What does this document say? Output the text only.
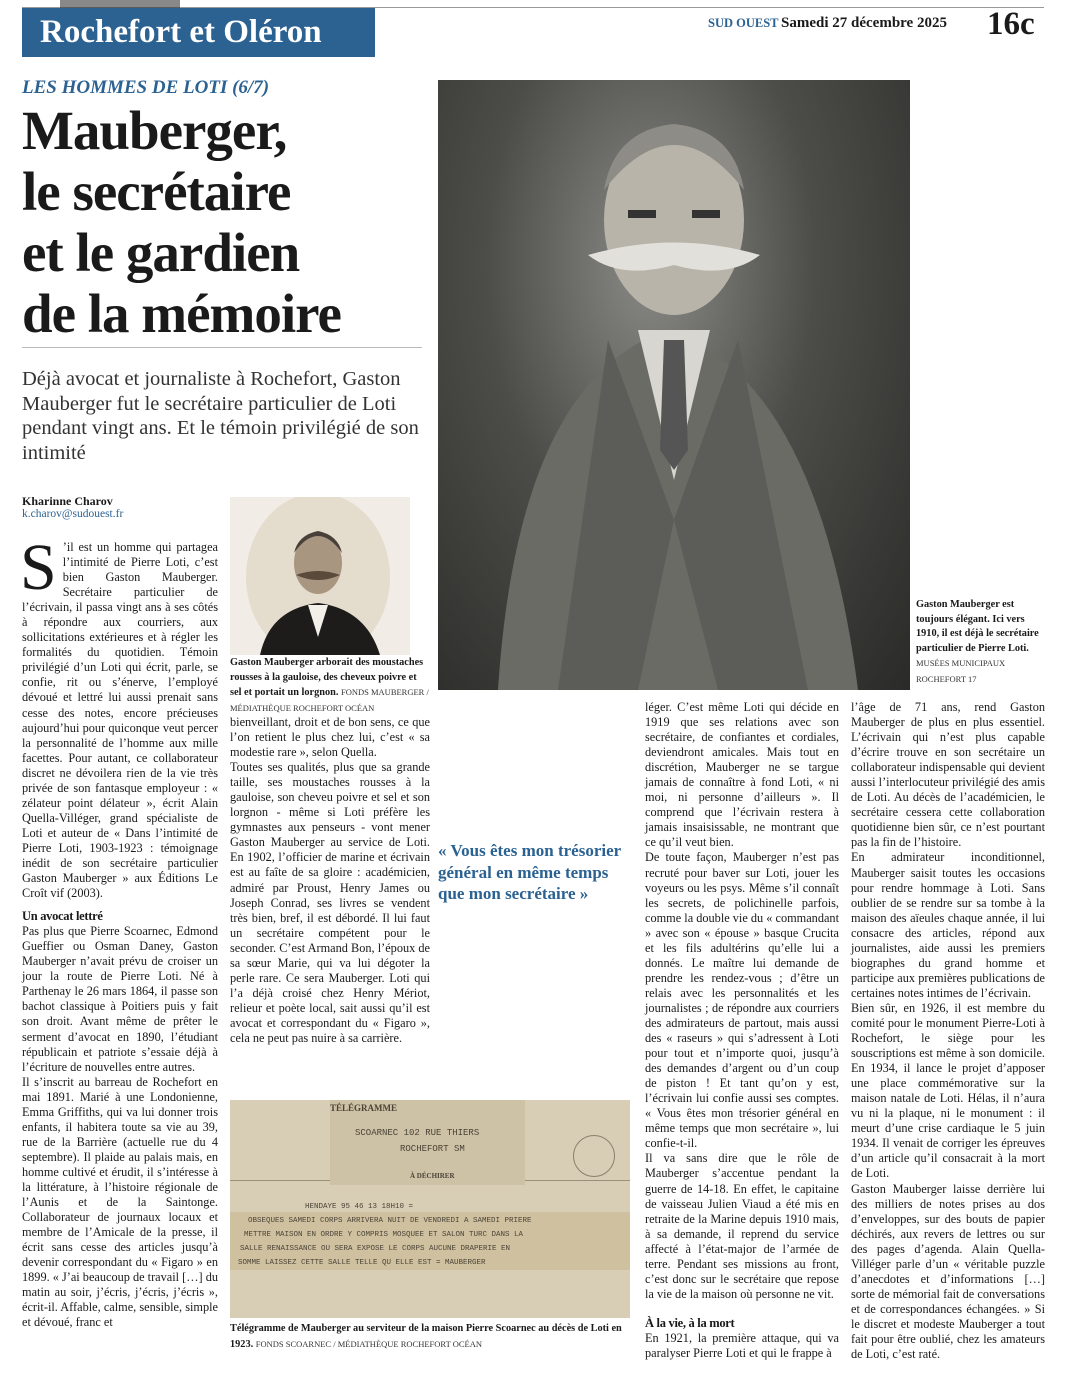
Rochefort et Oléron	SUD OUEST Samedi 27 décembre 2025 16c
LES HOMMES DE LOTI (6/7)
Mauberger,
le secrétaire
et le gardien
de la mémoire
Déjà avocat et journaliste à Rochefort, Gaston Mauberger fut le secrétaire particulier de Loti pendant vingt ans. Et le témoin privilégié de son intimité
Kharinne Charov
k.charov@sudouest.fr

S ’il est un homme qui partagea l’intimité de Pierre Loti, c’est bien Gaston Mauberger. Secrétaire particulier de l’écrivain, il passa vingt ans à ses côtés à répondre aux courriers, aux sollicitations extérieures et à régler les formalités du quotidien. Témoin privilégié d’un Loti qui écrit, parle, se confie, rit ou s’énerve, l’employé dévoué et lettré lui aussi prenait sans cesse des notes, encore précieuses aujourd’hui pour quiconque veut percer la personnalité de l’homme aux mille facettes. Pour autant, ce collaborateur discret ne dévoilera rien de la vie très privée de son fantasque employeur : « zélateur point délateur », écrit Alain Quella-Villéger, grand spécialiste de Loti et auteur de « Dans l’intimité de Pierre Loti, 1903-1923 : témoignage inédit de son secrétaire particulier Gaston Mauberger » aux Éditions Le Croît vif (2003).

Un avocat lettré

Pas plus que Pierre Scoarnec, Edmond Gueffier ou Osman Daney, Gaston Mauberger n’avait prévu de croiser un jour la route de Pierre Loti. Né à Parthenay le 26 mars 1864, il passe son bachot classique à Poitiers puis y fait son droit. Avant même de prêter le serment d’avocat en 1890, l’étudiant républicain et patriote s’essaie déjà à l’écriture de nouvelles entre autres.

Il s’inscrit au barreau de Rochefort en mai 1891. Marié à une Londonienne, Emma Griffiths, qui va lui donner trois enfants, il habitera toute sa vie au 39, rue de la Barrière (actuelle rue du 4 septembre). Il plaide au palais mais, en homme cultivé et érudit, il s’intéresse à la littérature, à l’histoire régionale de l’Aunis et de la Saintonge. Collaborateur de journaux locaux et membre de l’Amicale de la presse, il écrit sans cesse des articles jusqu’à devenir correspondant du « Figaro » en 1899. « J’ai beaucoup de travail […] du matin au soir, j’écris, j’écris, j’écris », écrit-il. Affable, calme, sensible, simple et dévoué, franc et

Gaston Mauberger arborait des moustaches rousses à la gauloise, des cheveux poivre et sel et portait un lorgnon. FONDS MAUBERGER / MÉDIATHÈQUE ROCHEFORT OCÉAN

bienveillant, droit et de bon sens, ce que l’on retient le plus chez lui, c’est « sa modestie rare », selon Quella.

Toutes ses qualités, plus que sa grande taille, ses moustaches rousses à la gauloise, son cheveu poivre et sel et son lorgnon - même si Loti préfère les gymnastes aux penseurs - vont mener Gaston Mauberger au service de Loti. En 1902, l’officier de marine et écrivain est au faîte de sa gloire : académicien, admiré par Proust, Henry James ou Joseph Conrad, ses livres se vendent très bien, bref, il est débordé. Il lui faut un secrétaire compétent pour le seconder. C’est Armand Bon, l’époux de sa sœur Marie, qui va lui dégoter la perle rare. Ce sera Mauberger. Loti qui l’a déjà croisé chez Henry Mériot, relieur et poète local, sait aussi qu’il est avocat et correspondant du « Figaro », cela ne peut pas nuire à sa carrière.

Gaston Mauberger est toujours élégant. Ici vers 1910, il est déjà le secrétaire particulier de Pierre Loti. MUSÉES MUNICIPAUX ROCHEFORT 17
« Vous êtes mon trésorier général en même temps que mon secrétaire »

léger. C’est même Loti qui décide en 1919 que ses relations avec son secrétaire, de confiantes et cordiales, deviendront amicales. Mais tout en discrétion, Mauberger ne se targue jamais de connaître à fond Loti, « ni moi, ni personne d’ailleurs ». Il comprend que l’écrivain restera à jamais insaisissable, ne montrant que ce qu’il veut bien.

De toute façon, Mauberger n’est pas recruté pour baver sur Loti, jouer les voyeurs ou les psys. Même s’il connaît les secrets, de polichinelle parfois, comme la double vie du « commandant » avec son « épouse » basque Crucita et les fils adultérins qu’elle lui a donnés. Le maître lui demande de prendre les rendez-vous ; d’être un relais avec les personnalités et les journalistes ; de répondre aux courriers des admirateurs de partout, mais aussi des « raseurs » qui s’adressent à Loti pour tout et n’importe quoi, jusqu’à des demandes d’argent ou d’un coup de piston ! Et tant qu’on y est, l’écrivain lui confie aussi ses comptes. « Vous êtes mon trésorier général en même temps que mon secrétaire », lui confie-t-il.

Il va sans dire que le rôle de Mauberger s’accentue pendant la guerre de 14-18. En effet, le capitaine de vaisseau Julien Viaud a été mis en retraite de la Marine depuis 1910 mais, à sa demande, il reprend du service affecté à l’état-major de l’armée de terre. Pendant ses missions au front, c’est donc sur le secrétaire que repose la vie de la maison où personne ne vit.

À la vie, à la mort

En 1921, la première attaque, qui va paralyser Pierre Loti et qui le frappe à

l’âge de 71 ans, rend Gaston Mauberger de plus en plus essentiel. L’écrivain qui n’est plus capable d’écrire trouve en son secrétaire un collaborateur indispensable qui devient aussi l’interlocuteur privilégié des amis de Loti. Au décès de l’académicien, le secrétaire cessera cette collaboration quotidienne bien sûr, ce n’est pourtant pas la fin de l’histoire.

En admirateur inconditionnel, Mauberger saisit toutes les occasions pour rendre hommage à Loti. Sans oublier de se rendre sur sa tombe à la maison des aïeules chaque année, il lui consacre des articles, répond aux journalistes, aide aussi les premiers biographes du grand homme et participe aux premières publications de certaines notes intimes de l’écrivain.

Bien sûr, en 1926, il est membre du comité pour le monument Pierre-Loti à Rochefort, le siège pour les souscriptions est même à son domicile. En 1934, il lance le projet d’apposer une place commémorative sur la maison natale de Loti. Hélas, il n’aura vu ni la plaque, ni le monument : il meurt d’une crise cardiaque le 5 juin 1934. Il venait de corriger les épreuves d’un article qu’il consacrait à la mort de Loti.

Gaston Mauberger laisse derrière lui des milliers de notes prises au dos d’enveloppes, sur des bouts de papier déchirés, aux revers de lettres ou sur des pages d’agenda. Alain Quella-Villéger parle d’un « véritable puzzle d’anecdotes et d’informations […] sorte de mémorial fait de conversations et de correspondances échangées. » Si le discret et modeste Mauberger a tout fait pour être oublié, chez les amateurs de Loti, c’est raté.

TÉLÉGRAMME
SCOARNEC 102 RUE THIERS
ROCHEFORT SM
À DÉCHIRER
HENDAYE 95 46 13 18H10 =
OBSEQUES SAMEDI CORPS ARRIVERA NUIT DE VENDREDI A SAMEDI PRIERE
METTRE MAISON EN ORDRE Y COMPRIS MOSQUEE ET SALON TURC DANS LA
SALLE RENAISSANCE OU SERA EXPOSE LE CORPS AUCUNE DRAPERIE EN
SOMME LAISSEZ CETTE SALLE TELLE QU ELLE EST = MAUBERGER
Télégramme de Mauberger au serviteur de la maison Pierre Scoarnec au décès de Loti en 1923. FONDS SCOARNEC / MÉDIATHÈQUE ROCHEFORT OCÉAN
